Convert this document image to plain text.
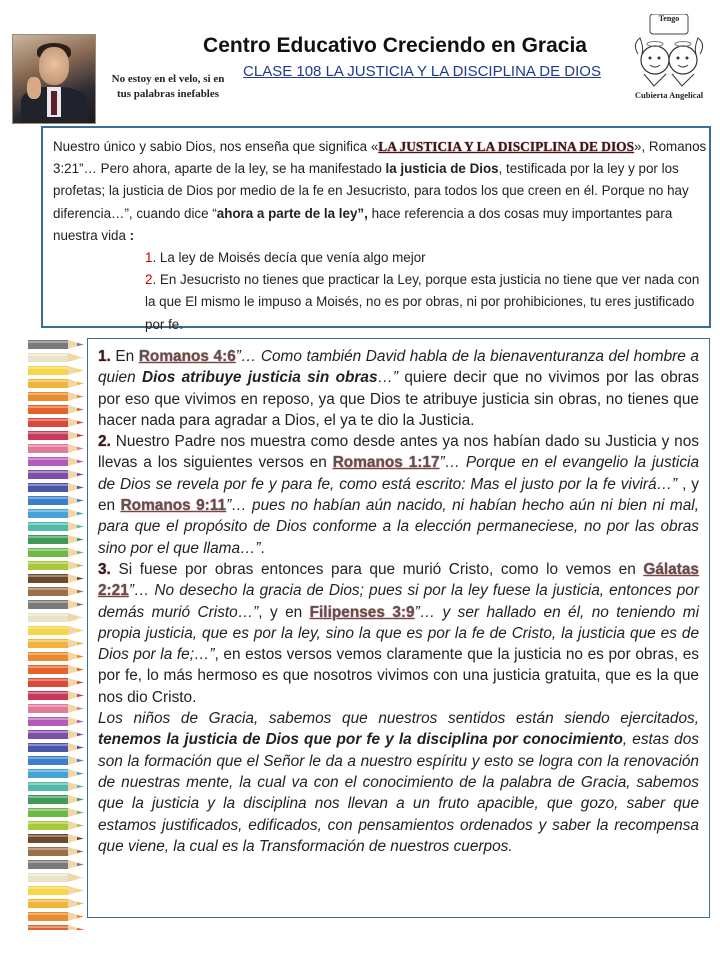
No estoy en el velo, si en tus palabras inefables
Centro Educativo Creciendo en Gracia
CLASE 108 LA JUSTICIA Y LA DISCIPLINA DE DIOS
Tengo
Cubierta Angelical

Nuestro único y sabio Dios, nos enseña que significa «LA JUSTICIA Y LA DISCIPLINA DE DIOS», Romanos 3:21”… Pero ahora, aparte de la ley, se ha manifestado la justicia de Dios, testificada por la ley y por los profetas; la justicia de Dios por medio de la fe en Jesucristo, para todos los que creen en él. Porque no hay diferencia…”, cuando dice “ahora a parte de la ley”, hace referencia a dos cosas muy importantes para nuestra vida :

1. La ley de Moisés decía que venía algo mejor

2. En Jesucristo no tienes que practicar la Ley, porque esta justicia no tiene que ver nada con la que El mismo le impuso a Moisés, no es por obras, ni por prohibiciones, tu eres justificado por fe.

1. En Romanos 4:6”… Como también David habla de la bienaventuranza del hombre a quien Dios atribuye justicia sin obras…” quiere decir que no vivimos por las obras por eso que vivimos en reposo, ya que Dios te atribuye justicia sin obras, no tienes que hacer nada para agradar a Dios, el ya te dio la Justicia.

2. Nuestro Padre nos muestra como desde antes ya nos habían dado su Justicia y nos llevas a los siguientes versos en Romanos 1:17”… Porque en el evangelio la justicia de Dios se revela por fe y para fe, como está escrito: Mas el justo por la fe vivirá…” , y en Romanos 9:11”… pues no habían aún nacido, ni habían hecho aún ni bien ni mal, para que el propósito de Dios conforme a la elección permaneciese, no por las obras sino por el que llama…”.

3. Si fuese por obras entonces para que murió Cristo, como lo vemos en Gálatas 2:21”… No desecho la gracia de Dios; pues si por la ley fuese la justicia, entonces por demás murió Cristo…”, y en Filipenses 3:9”… y ser hallado en él, no teniendo mi propia justicia, que es por la ley, sino la que es por la fe de Cristo, la justicia que es de Dios por la fe;…”, en estos versos vemos claramente que la justicia no es por obras, es por fe, lo más hermoso es que nosotros vivimos con una justicia gratuita, que es la que nos dio Cristo.

Los niños de Gracia, sabemos que nuestros sentidos están siendo ejercitados, tenemos la justicia de Dios que por fe y la disciplina por conocimiento, estas dos son la formación que el Señor le da a nuestro espíritu y esto se logra con la renovación de nuestras mente, la cual va con el conocimiento de la palabra de Gracia, sabemos que la justicia y la disciplina nos llevan a un fruto apacible, que gozo, saber que estamos justificados, edificados, con pensamientos ordenados y saber la recompensa que viene, la cual es la Transformación de nuestros cuerpos.
